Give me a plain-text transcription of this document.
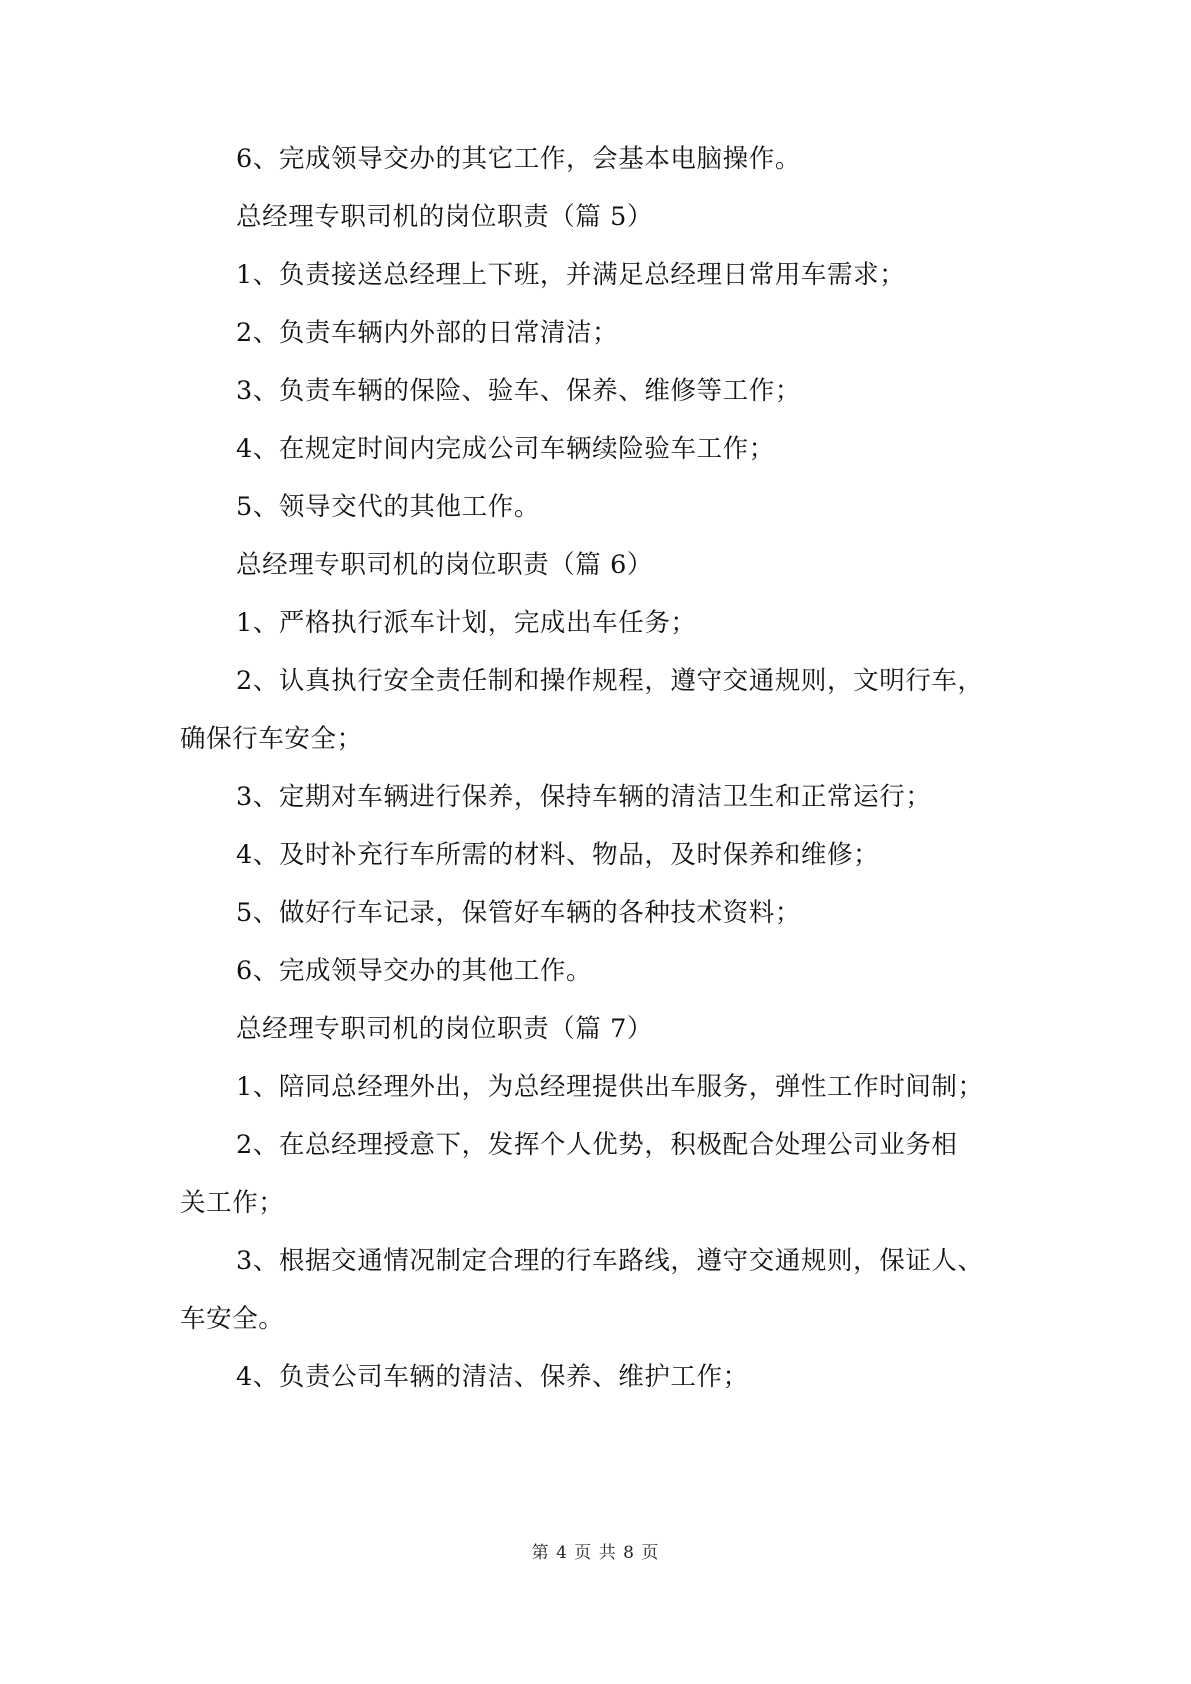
6、完成领导交办的其它工作，会基本电脑操作。
总经理专职司机的岗位职责（篇 5）
1、负责接送总经理上下班，并满足总经理日常用车需求；
2、负责车辆内外部的日常清洁；
3、负责车辆的保险、验车、保养、维修等工作；
4、在规定时间内完成公司车辆续险验车工作；
5、领导交代的其他工作。
总经理专职司机的岗位职责（篇 6）
1、严格执行派车计划，完成出车任务；
2、认真执行安全责任制和操作规程，遵守交通规则，文明行车，
确保行车安全；
3、定期对车辆进行保养，保持车辆的清洁卫生和正常运行；
4、及时补充行车所需的材料、物品，及时保养和维修；
5、做好行车记录，保管好车辆的各种技术资料；
6、完成领导交办的其他工作。
总经理专职司机的岗位职责（篇 7）
1、陪同总经理外出，为总经理提供出车服务，弹性工作时间制；
2、在总经理授意下，发挥个人优势，积极配合处理公司业务相
关工作；
3、根据交通情况制定合理的行车路线，遵守交通规则，保证人、
车安全。
4、负责公司车辆的清洁、保养、维护工作；
第 4 页 共 8 页
